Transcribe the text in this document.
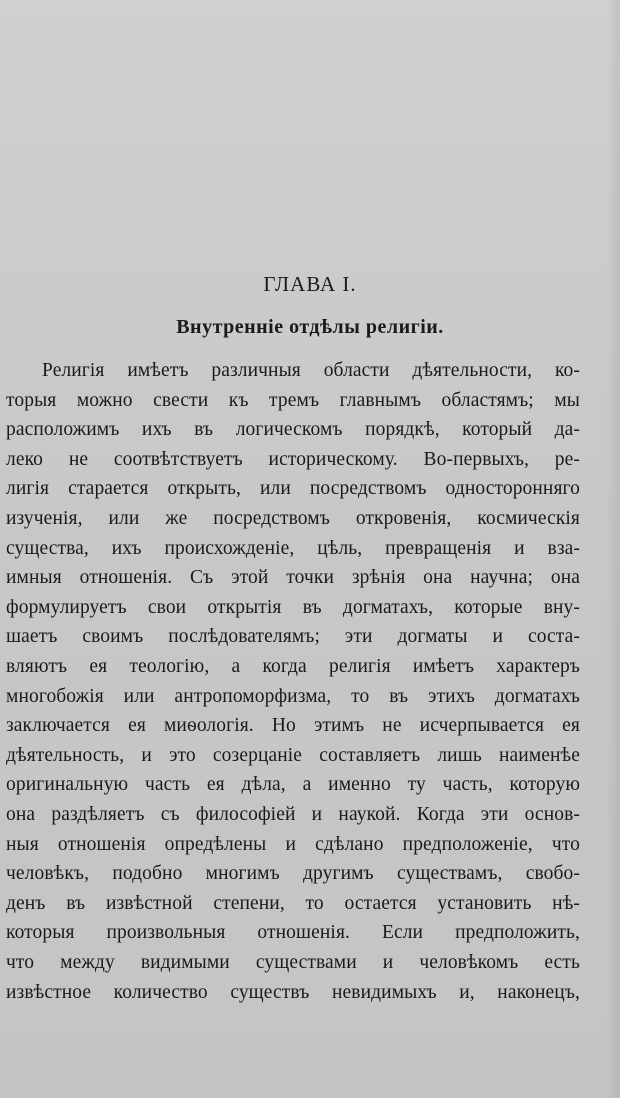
ГЛАВА I.
Внутренніе отдѣлы религіи.
Религія имѣетъ различныя области дѣятельности, ко-
торыя можно свести къ тремъ главнымъ областямъ; мы
расположимъ ихъ въ логическомъ порядкѣ, который да-
леко не соотвѣтствуетъ историческому. Во-первыхъ, ре-
лигія старается открыть, или посредствомъ односторонняго
изученія, или же посредствомъ откровенія, космическія
существа, ихъ происхожденіе, цѣль, превращенія и вза-
имныя отношенія. Съ этой точки зрѣнія она научна; она
формулируетъ свои открытія въ догматахъ, которые вну-
шаетъ своимъ послѣдователямъ; эти догматы и соста-
вляютъ ея теологію, а когда религія имѣетъ характеръ
многобожія или антропоморфизма, то въ этихъ догматахъ
заключается ея миѳологія. Но этимъ не исчерпывается ея
дѣятельность, и это созерцаніе составляетъ лишь наименѣе
оригинальную часть ея дѣла, а именно ту часть, которую
она раздѣляетъ съ философіей и наукой. Когда эти основ-
ныя отношенія опредѣлены и сдѣлано предположеніе, что
человѣкъ, подобно многимъ другимъ существамъ, свобо-
денъ въ извѣстной степени, то остается установить нѣ-
которыя произвольныя отношенія. Если предположить,
что между видимыми существами и человѣкомъ есть
извѣстное количество существъ невидимыхъ и, наконецъ,
